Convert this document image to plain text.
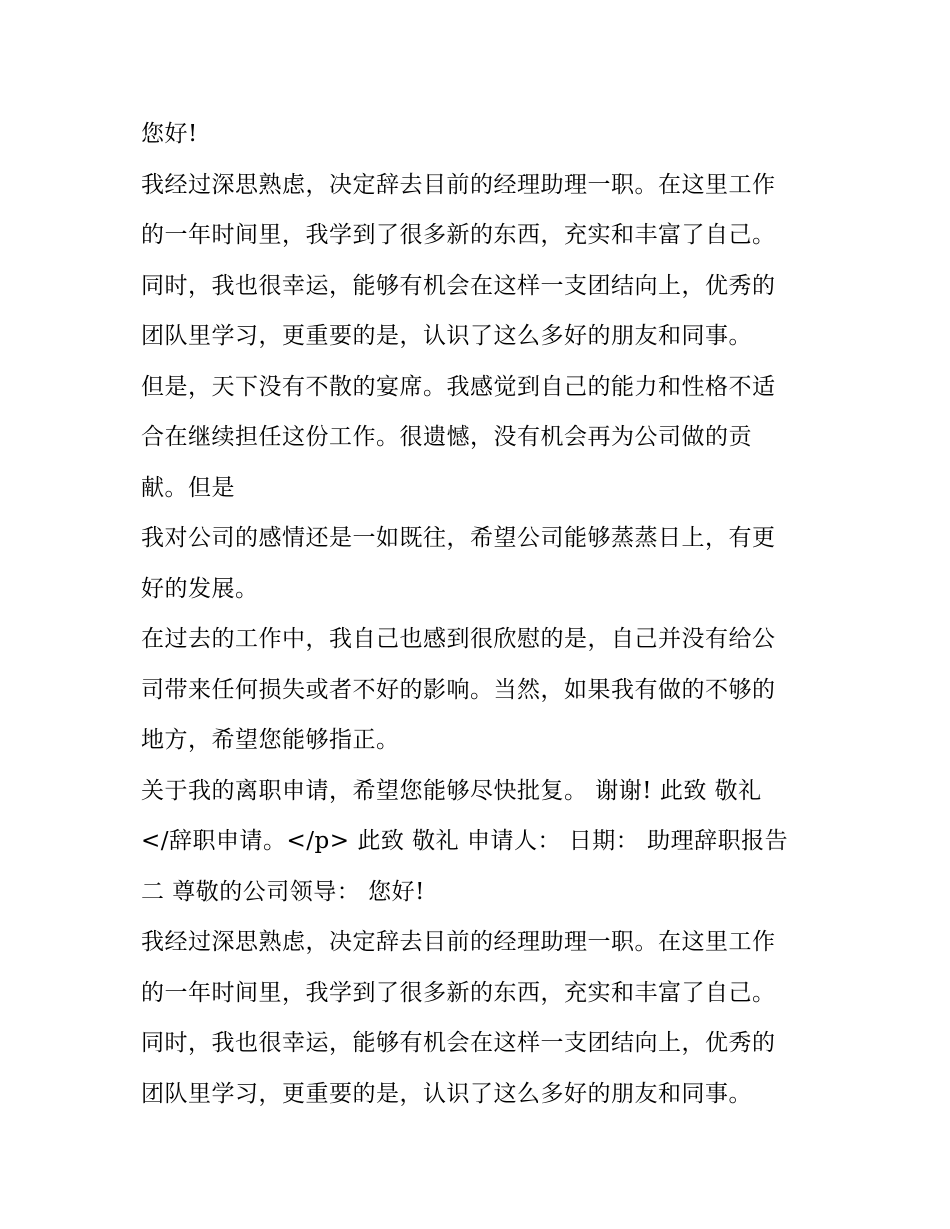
您好!
我经过深思熟虑，决定辞去目前的经理助理一职。在这里工作
的一年时间里，我学到了很多新的东西，充实和丰富了自己。
同时，我也很幸运，能够有机会在这样一支团结向上，优秀的
团队里学习，更重要的是，认识了这么多好的朋友和同事。
但是，天下没有不散的宴席。我感觉到自己的能力和性格不适
合在继续担任这份工作。很遗憾，没有机会再为公司做的贡
献。但是
我对公司的感情还是一如既往，希望公司能够蒸蒸日上，有更
好的发展。
在过去的工作中，我自己也感到很欣慰的是，自己并没有给公
司带来任何损失或者不好的影响。当然，如果我有做的不够的
地方，希望您能够指正。
关于我的离职申请，希望您能够尽快批复。 谢谢! 此致 敬礼
</辞职申请。</p> 此致 敬礼 申请人： 日期： 助理辞职报告
二 尊敬的公司领导： 您好!
我经过深思熟虑，决定辞去目前的经理助理一职。在这里工作
的一年时间里，我学到了很多新的东西，充实和丰富了自己。
同时，我也很幸运，能够有机会在这样一支团结向上，优秀的
团队里学习，更重要的是，认识了这么多好的朋友和同事。
